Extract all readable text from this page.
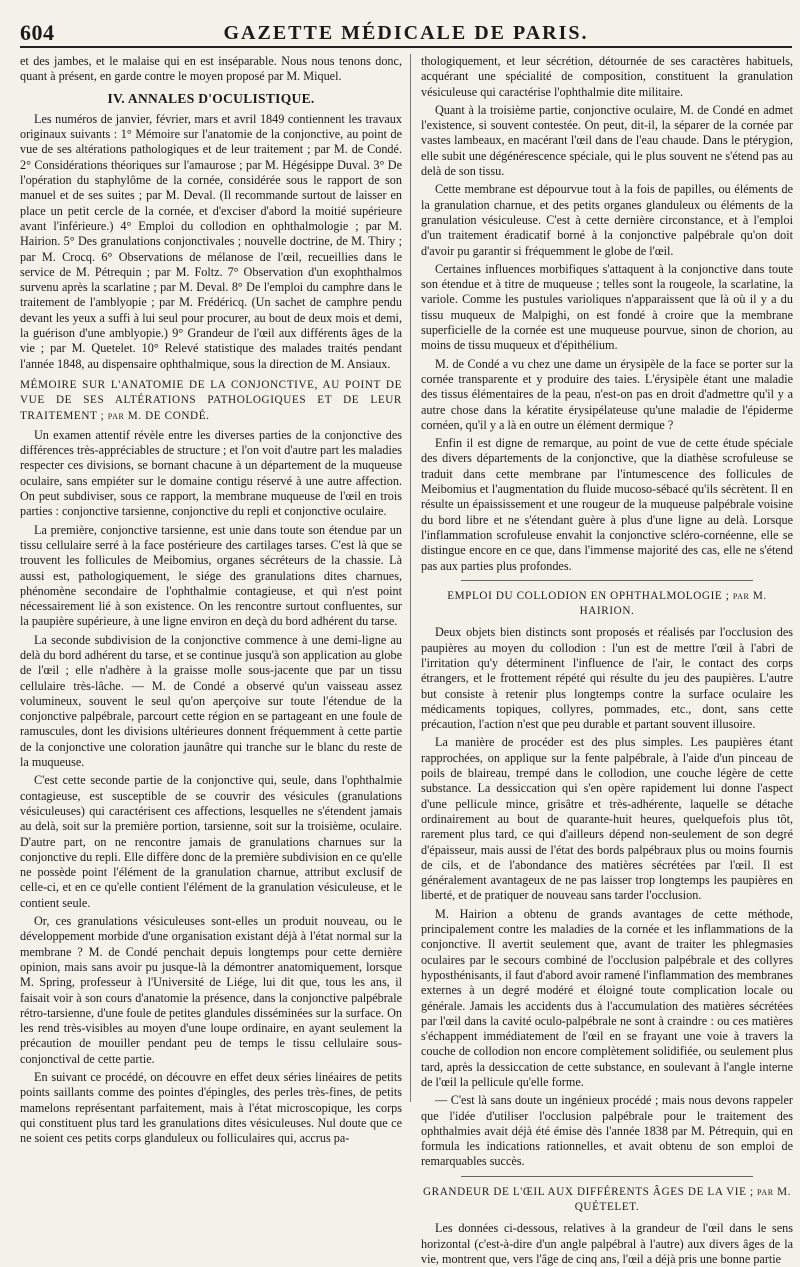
604	GAZETTE MÉDICALE DE PARIS.

et des jambes, et le malaise qui en est inséparable. Nous nous tenons donc, quant à présent, en garde contre le moyen proposé par M. Miquel.

IV. ANNALES D'OCULISTIQUE.

Les numéros de janvier, février, mars et avril 1849 contiennent les travaux originaux suivants : 1° Mémoire sur l'anatomie de la conjonctive, au point de vue de ses altérations pathologiques et de leur traitement ; par M. de Condé. 2° Considérations théoriques sur l'amaurose ; par M. Hégésippe Duval. 3° De l'opération du staphylôme de la cornée, considérée sous le rapport de son manuel et de ses suites ; par M. Deval. (Il recommande surtout de laisser en place un petit cercle de la cornée, et d'exciser d'abord la moitié supérieure avant l'inférieure.) 4° Emploi du collodion en ophthalmologie ; par M. Hairion. 5° Des granulations conjonctivales ; nouvelle doctrine, de M. Thiry ; par M. Crocq. 6° Observations de mélanose de l'œil, recueillies dans le service de M. Pétrequin ; par M. Foltz. 7° Observation d'un exophthalmos survenu après la scarlatine ; par M. Deval. 8° De l'emploi du camphre dans le traitement de l'amblyopie ; par M. Frédéricq. (Un sachet de camphre pendu devant les yeux a suffi à lui seul pour procurer, au bout de deux mois et demi, la guérison d'une amblyopie.) 9° Grandeur de l'œil aux différents âges de la vie ; par M. Quetelet. 10° Relevé statistique des malades traités pendant l'année 1848, au dispensaire ophthalmique, sous la direction de M. Ansiaux.

MÉMOIRE SUR L'ANATOMIE DE LA CONJONCTIVE, AU POINT DE VUE DE SES ALTÉRATIONS PATHOLOGIQUES ET DE LEUR TRAITEMENT ; par M. DE CONDÉ.

Un examen attentif révèle entre les diverses parties de la conjonctive des différences très-appréciables de structure ; et l'on voit d'autre part les maladies respecter ces divisions, se bornant chacune à un département de la muqueuse oculaire, sans empiéter sur le domaine contigu réservé à une autre affection. On peut subdiviser, sous ce rapport, la membrane muqueuse de l'œil en trois parties : conjonctive tarsienne, conjonctive du repli et conjonctive oculaire.

La première, conjonctive tarsienne, est unie dans toute son étendue par un tissu cellulaire serré à la face postérieure des cartilages tarses. C'est là que se trouvent les follicules de Meibomius, organes sécréteurs de la chassie. Là aussi est, pathologiquement, le siége des granulations dites charnues, phénomène secondaire de l'ophthalmie contagieuse, et qui n'est point nécessairement lié à son existence. On les rencontre surtout confluentes, sur la paupière supérieure, à une ligne environ en deçà du bord adhérent du tarse.

La seconde subdivision de la conjonctive commence à une demi-ligne au delà du bord adhérent du tarse, et se continue jusqu'à son application au globe de l'œil ; elle n'adhère à la graisse molle sous-jacente que par un tissu cellulaire très-lâche. — M. de Condé a observé qu'un vaisseau assez volumineux, souvent le seul qu'on aperçoive sur toute l'étendue de la conjonctive palpébrale, parcourt cette région en se partageant en une foule de ramuscules, dont les divisions ultérieures donnent fréquemment à cette partie de la conjonctive une coloration jaunâtre qui tranche sur le blanc du reste de la muqueuse.

C'est cette seconde partie de la conjonctive qui, seule, dans l'ophthalmie contagieuse, est susceptible de se couvrir des vésicules (granulations vésiculeuses) qui caractérisent ces affections, lesquelles ne s'étendent jamais au delà, soit sur la première portion, tarsienne, soit sur la troisième, oculaire. D'autre part, on ne rencontre jamais de granulations charnues sur la conjonctive du repli. Elle diffère donc de la première subdivision en ce qu'elle ne possède point l'élément de la granulation charnue, attribut exclusif de celle-ci, et en ce qu'elle contient l'élément de la granulation vésiculeuse, et le contient seule.

Or, ces granulations vésiculeuses sont-elles un produit nouveau, ou le développement morbide d'une organisation existant déjà à l'état normal sur la membrane ? M. de Condé penchait depuis longtemps pour cette dernière opinion, mais sans avoir pu jusque-là la démontrer anatomiquement, lorsque M. Spring, professeur à l'Université de Liége, lui dit que, tous les ans, il faisait voir à son cours d'anatomie la présence, dans la conjonctive palpébrale rétro-tarsienne, d'une foule de petites glandules disséminées sur la surface. On les rend très-visibles au moyen d'une loupe ordinaire, en ayant seulement la précaution de mouiller pendant peu de temps le tissu cellulaire sous-conjonctival de cette partie.

En suivant ce procédé, on découvre en effet deux séries linéaires de petits points saillants comme des pointes d'épingles, des perles très-fines, de petits mamelons représentant parfaitement, mais à l'état microscopique, les corps qui constituent plus tard les granulations dites vésiculeuses. Nul doute que ce ne soient ces petits corps glanduleux ou folliculaires qui, accrus pa-

thologiquement, et leur sécrétion, détournée de ses caractères habituels, acquérant une spécialité de composition, constituent la granulation vésiculeuse qui caractérise l'ophthalmie dite militaire.

Quant à la troisième partie, conjonctive oculaire, M. de Condé en admet l'existence, si souvent contestée. On peut, dit-il, la séparer de la cornée par vastes lambeaux, en macérant l'œil dans de l'eau chaude. Dans le ptérygion, elle subit une dégénérescence spéciale, qui le plus souvent ne s'étend pas au delà de son tissu.

Cette membrane est dépourvue tout à la fois de papilles, ou éléments de la granulation charnue, et des petits organes glanduleux ou éléments de la granulation vésiculeuse. C'est à cette dernière circonstance, et à l'emploi d'un traitement éradicatif borné à la conjonctive palpébrale qu'on doit d'avoir pu garantir si fréquemment le globe de l'œil.

Certaines influences morbifiques s'attaquent à la conjonctive dans toute son étendue et à titre de muqueuse ; telles sont la rougeole, la scarlatine, la variole. Comme les pustules varioliques n'apparaissent que là où il y a du tissu muqueux de Malpighi, on est fondé à croire que la membrane superficielle de la cornée est une muqueuse pourvue, sinon de chorion, au moins de tissu muqueux et d'épithélium.

M. de Condé a vu chez une dame un érysipèle de la face se porter sur la cornée transparente et y produire des taies. L'érysipèle étant une maladie des tissus élémentaires de la peau, n'est-on pas en droit d'admettre qu'il y a autre chose dans la kératite érysipélateuse qu'une maladie de l'épiderme cornéen, qu'il y a là en outre un élément dermique ?

Enfin il est digne de remarque, au point de vue de cette étude spéciale des divers départements de la conjonctive, que la diathèse scrofuleuse se traduit dans cette membrane par l'intumescence des follicules de Meibomius et l'augmentation du fluide mucoso-sébacé qu'ils sécrètent. Il en résulte un épaississement et une rougeur de la muqueuse palpébrale voisine du bord libre et ne s'étendant guère à plus d'une ligne au delà. Lorsque l'inflammation scrofuleuse envahit la conjonctive scléro-cornéenne, elle se distingue encore en ce que, dans l'immense majorité des cas, elle ne s'étend pas aux parties plus profondes.

EMPLOI DU COLLODION EN OPHTHALMOLOGIE ; par M. HAIRION.

Deux objets bien distincts sont proposés et réalisés par l'occlusion des paupières au moyen du collodion : l'un est de mettre l'œil à l'abri de l'irritation qu'y déterminent l'influence de l'air, le contact des corps étrangers, et le frottement répété qui résulte du jeu des paupières. L'autre but consiste à retenir plus longtemps contre la surface oculaire les médicaments topiques, collyres, pommades, etc., dont, sans cette précaution, l'action n'est que peu durable et partant souvent illusoire.

La manière de procéder est des plus simples. Les paupières étant rapprochées, on applique sur la fente palpébrale, à l'aide d'un pinceau de poils de blaireau, trempé dans le collodion, une couche légère de cette substance. La dessiccation qui s'en opère rapidement lui donne l'aspect d'une pellicule mince, grisâtre et très-adhérente, laquelle se détache ordinairement au bout de quarante-huit heures, quelquefois plus tôt, rarement plus tard, ce qui d'ailleurs dépend non-seulement de son degré d'épaisseur, mais aussi de l'état des bords palpébraux plus ou moins fournis de cils, et de l'abondance des matières sécrétées par l'œil. Il est généralement avantageux de ne pas laisser trop longtemps les paupières en liberté, et de pratiquer de nouveau sans tarder l'occlusion.

M. Hairion a obtenu de grands avantages de cette méthode, principalement contre les maladies de la cornée et les inflammations de la conjonctive. Il avertit seulement que, avant de traiter les phlegmasies oculaires par le secours combiné de l'occlusion palpébrale et des collyres hyposthénisants, il faut d'abord avoir ramené l'inflammation des membranes externes à un degré modéré et éloigné toute complication locale ou générale. Jamais les accidents dus à l'accumulation des matières sécrétées par l'œil dans la cavité oculo-palpébrale ne sont à craindre : ou ces matières s'échappent immédiatement de l'œil en se frayant une voie à travers la couche de collodion non encore complètement solidifiée, ou seulement plus tard, après la dessiccation de cette substance, en soulevant à l'angle interne de l'œil la pellicule qu'elle forme.

— C'est là sans doute un ingénieux procédé ; mais nous devons rappeler que l'idée d'utiliser l'occlusion palpébrale pour le traitement des ophthalmies avait déjà été émise dès l'année 1838 par M. Pétrequin, qui en formula les indications rationnelles, et avait obtenu de son emploi de remarquables succès.

GRANDEUR DE L'ŒIL AUX DIFFÉRENTS ÂGES DE LA VIE ; par M. QUÉTELET.

Les données ci-dessous, relatives à la grandeur de l'œil dans le sens horizontal (c'est-à-dire d'un angle palpébral à l'autre) aux divers âges de la vie, montrent que, vers l'âge de cinq ans, l'œil a déjà pris une bonne partie
